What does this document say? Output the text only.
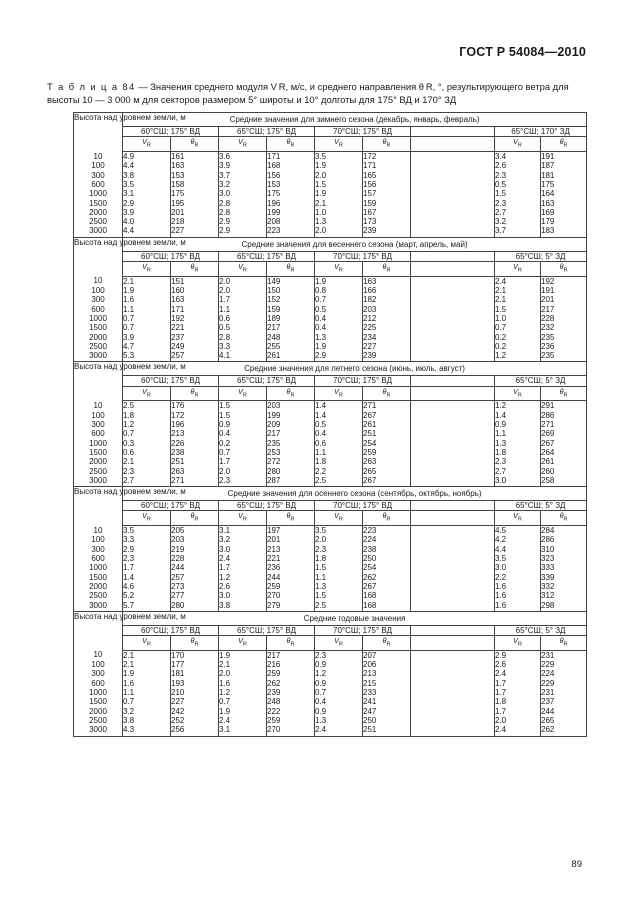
ГОСТ Р 54084—2010
Т а б л и ц а 84 — Значения среднего модуля V R, м/с, и среднего направления θ R, °, результирующего ветра для высоты 10 — 3 000 м для секторов размером 5° широты и 10° долготы для 175° ВД и 170° ЗД
Высота над уровнем земли, м	Средние значения для зимнего сезона (декабрь, январь, февраль)								
	60°СШ; 175° ВД		65°СШ; 175° ВД		70°СШ; 175° ВД			65°СШ; 170° ЗД	
	$V_R$	$\theta_R$	$V_R$	$\theta_R$	$V_R$	$\theta_R$		$V_R$	$\theta_R$
10	4.9	161	3.6	171	3.5	172		3.4	191
100	4.4	163	3.9	168	1.9	171		2.6	187
300	3.8	153	3.7	156	2.0	165		2.3	181
600	3.5	158	3.2	153	1.5	156		0.5	175
1000	3.1	175	3.0	175	1.9	157		1.5	164
1500	2.9	195	2.8	196	2.1	159		2.3	163
2000	3.9	201	2.8	199	1.0	167		2.7	169
2500	4.0	218	2.9	208	1.3	173		3.2	179
3000	4.4	227	2.9	223	2.0	239		3.7	183
Высота над уровнем земли, м	Средние значения для весеннего сезона (март, апрель, май)								
	60°СШ; 175° ВД		65°СШ; 175° ВД		70°СШ; 175° ВД			65°СШ; 5° ЗД	
	$V_R$	$\theta_R$	$V_R$	$\theta_R$	$V_R$	$\theta_R$		$V_R$	$\theta_R$
10	2.1	151	2.0	149	1.9	163		2.4	192
100	1.9	160	2.0	150	0.8	166		2.1	191
300	1.6	163	1.7	152	0.7	182		2.1	201
600	1.1	171	1.1	159	0.5	203		1.5	217
1000	0.7	192	0.6	189	0.4	212		1.0	228
1500	0.7	221	0.5	217	0.4	225		0.7	232
2000	3.9	237	2.8	248	1.3	234		0.2	235
2500	4.7	249	3.3	255	1.9	227		0.2	236
3000	5.3	257	4.1	261	2.9	239		1.2	235
Высота над уровнем земли, м	Средние значения для летнего сезона (июнь, июль, август)								
	60°СШ; 175° ВД		65°СШ; 175° ВД		70°СШ; 175° ВД			65°СШ; 5° ЗД	
	$V_R$	$\theta_R$	$V_R$	$\theta_R$	$V_R$	$\theta_R$		$V_R$	$\theta_R$
10	2.5	176	1.5	203	1.4	271		1.2	291
100	1.8	172	1.5	199	1.4	267		1.4	286
300	1.2	196	0.9	209	0.5	261		0.9	271
600	0.7	213	0.4	217	0.4	251		1.1	269
1000	0.3	226	0.2	235	0.6	254		1.3	267
1500	0.6	238	0.7	253	1.1	259		1.8	264
2000	2.1	251	1.7	272	1.8	263		2.3	261
2500	2.3	263	2.0	280	2.2	265		2.7	260
3000	2.7	271	2.3	287	2.5	267		3.0	258
Высота над уровнем земли, м	Средние значения для осеннего сезона (сентябрь, октябрь, ноябрь)								
	60°СШ; 175° ВД		65°СШ; 175° ВД		70°СШ; 175° ВД			65°СШ; 5° ЗД	
	$V_R$	$\theta_R$	$V_R$	$\theta_R$	$V_R$	$\theta_R$		$V_R$	$\theta_R$
10	3.5	205	3.1	197	3.5	223		4.5	284
100	3.3	203	3.2	201	2.0	224		4.2	286
300	2.9	219	3.0	213	2.3	238		4.4	310
600	2.3	228	2.4	221	1.8	250		3.5	323
1000	1.7	244	1.7	236	1.5	254		3.0	333
1500	1.4	257	1.2	244	1.1	262		2.2	339
2000	4.6	273	2.6	259	1.3	267		1.6	332
2500	5.2	277	3.0	270	1.5	168		1.6	312
3000	5.7	280	3.8	279	2.5	168		1.6	298
Высота над уровнем земли, м	Средние годовые значения								
	60°СШ; 175° ВД		65°СШ; 175° ВД		70°СШ; 175° ВД			65°СШ; 5° ЗД	
	$V_R$	$\theta_R$	$V_R$	$\theta_R$	$V_R$	$\theta_R$		$V_R$	$\theta_R$
10	2.1	170	1.9	217	2.3	207		2.9	231
100	2.1	177	2.1	216	0.9	206		2.6	229
300	1.9	181	2.0	259	1.2	213		2.4	224
600	1.6	193	1.6	262	0.9	215		1.7	229
1000	1.1	210	1.2	239	0.7	233		1.7	231
1500	0.7	227	0.7	248	0.4	241		1.8	237
2000	3.2	242	1.9	222	0.9	247		1.7	244
2500	3.8	252	2.4	259	1.3	250		2.0	265
3000	4.3	256	3.1	270	2.4	251		2.4	262
89
